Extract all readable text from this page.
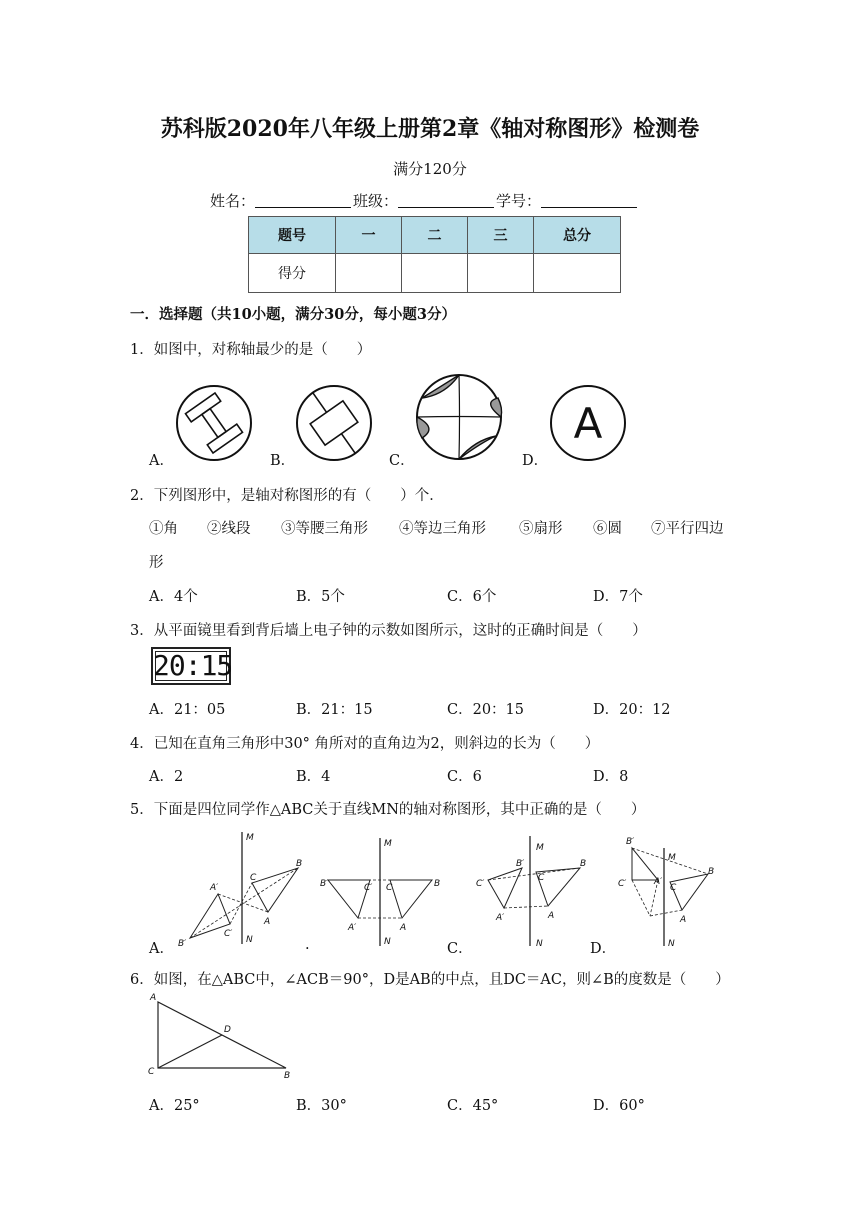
苏科版2020年八年级上册第2章《轴对称图形》检测卷
满分120分
姓名：	班级：	学号：
题号	一	二	三	总分
得分				
一．选择题（共10小题，满分30分，每小题3分）
1．如图中，对称轴最少的是（　　）
A
A．	B．	C．	D．
2．下列图形中，是轴对称图形的有（　　）个．
①角 ②线段 ③等腰三角形 ④等边三角形 ⑤扇形 ⑥圆 ⑦平行四边
形
A．4个	B．5个	C．6个	D．7个
3．从平面镜里看到背后墙上电子钟的示数如图所示，这时的正确时间是（　　）
20:15
A．21：05	B．21：15	C．20：15	D．20：12
4．已知在直角三角形中30° 角所对的直角边为2，则斜边的长为（　　）
A．2	B．4	C．6	D．8
5．下面是四位同学作△ABC关于直线MN的轴对称图形，其中正确的是（　　）
M
N
C
B
A
A′
B′
C′
M
N
C	B
A
B′	C′
A′
M
N
C
B
A
B′
C′
A′
M
N
C
B
A
B′
C′	A′
A．	.	C．	D．
6．如图，在△ABC中，∠ACB＝90°，D是AB的中点，且DC＝AC，则∠B的度数是（　　）
A
C	B
D
A．25°	B．30°	C．45°	D．60°
